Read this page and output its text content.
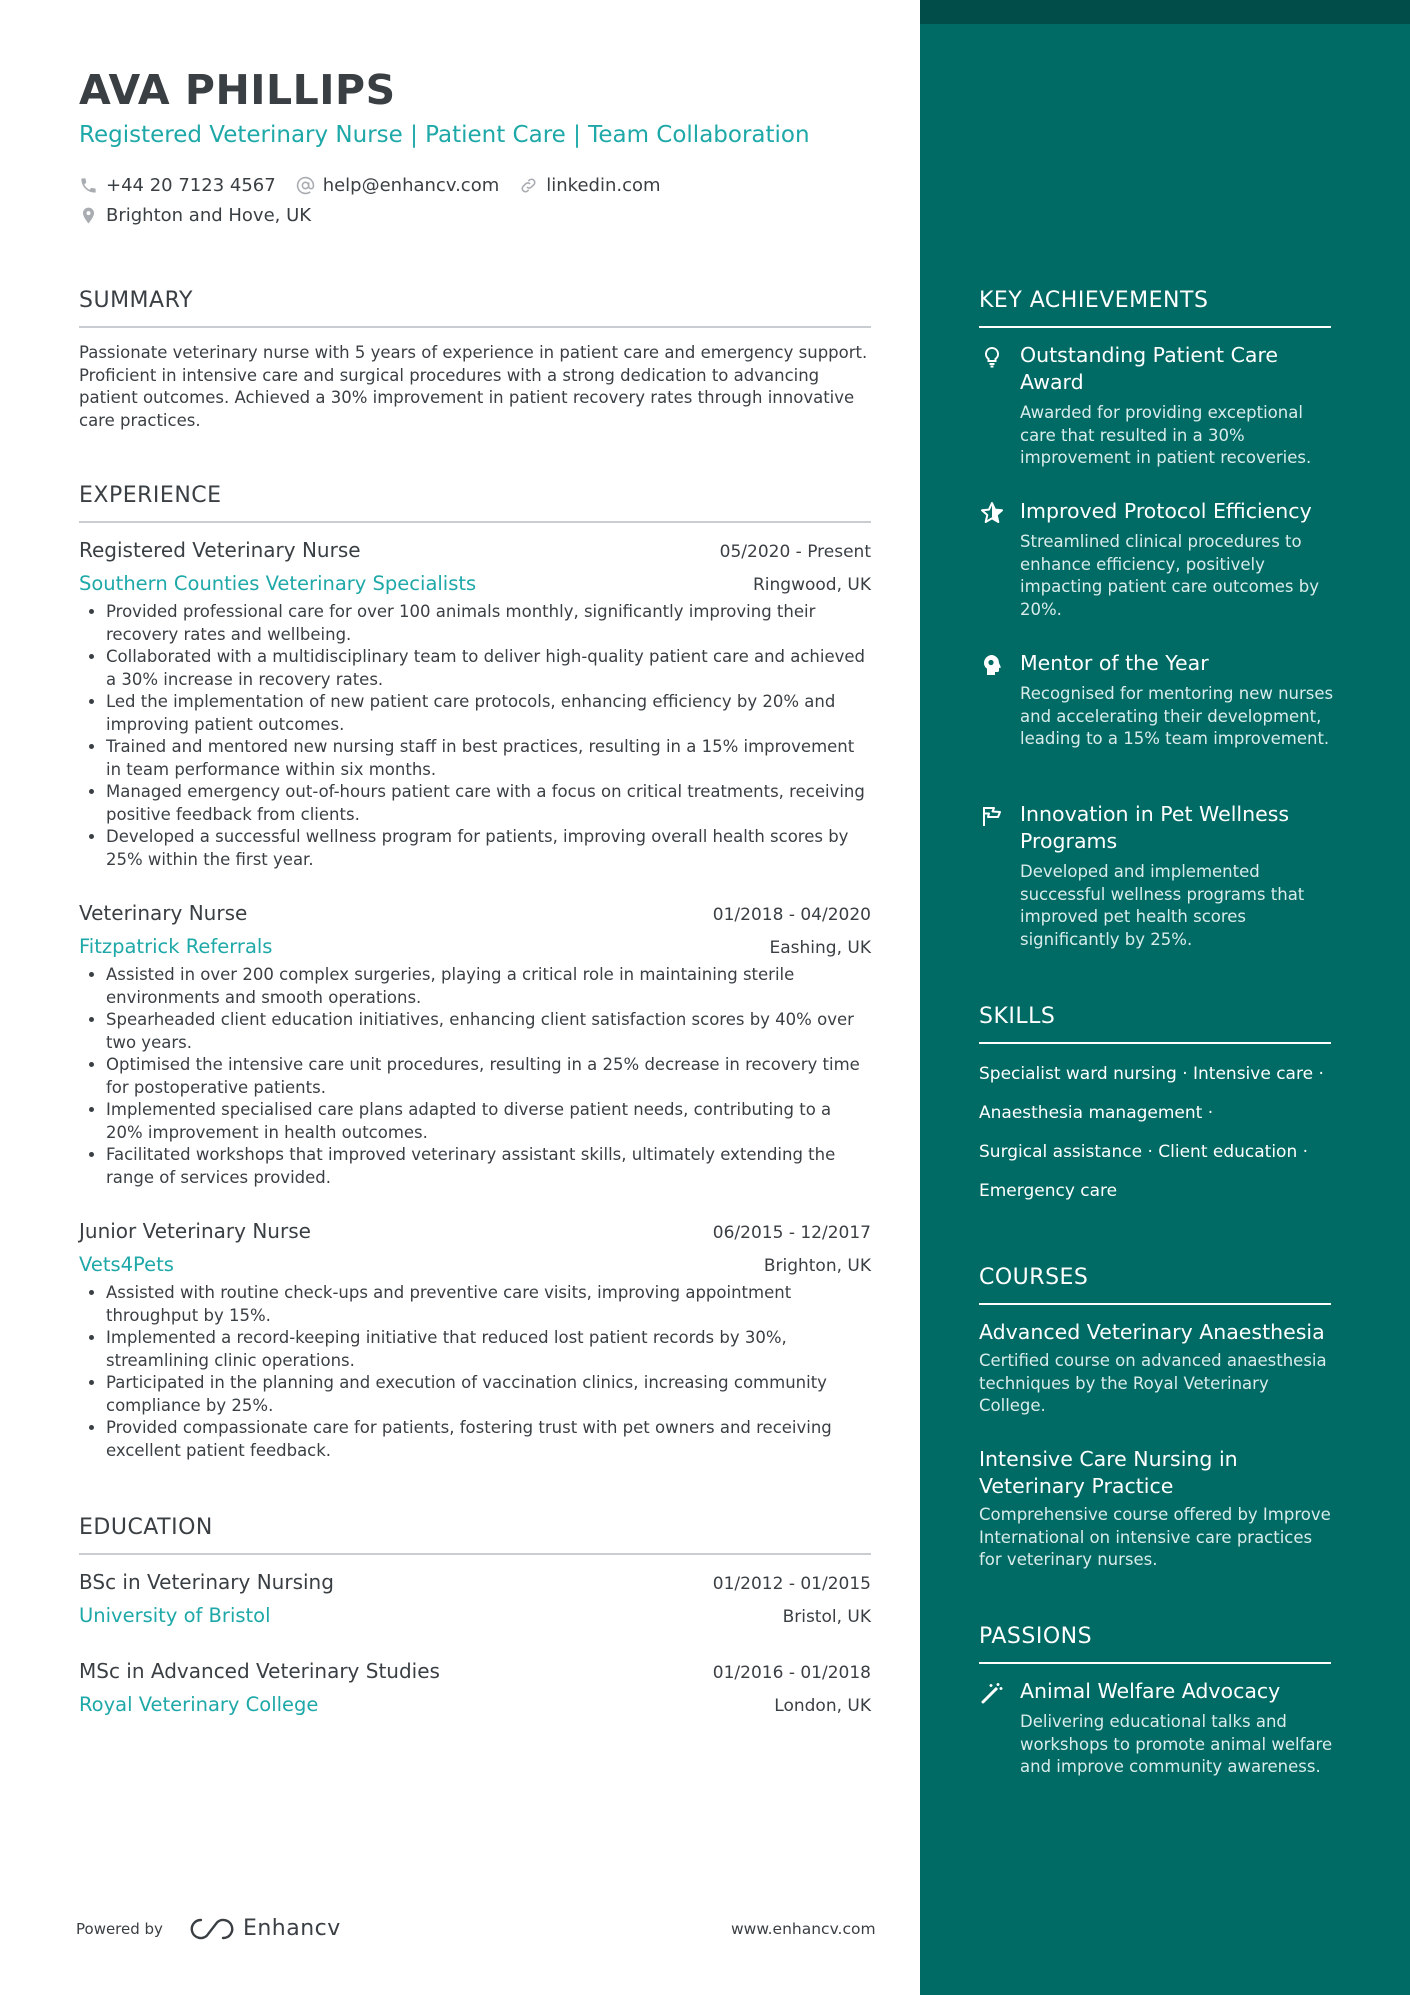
AVA PHILLIPS
Registered Veterinary Nurse | Patient Care | Team Collaboration
+44 20 7123 4567	help@enhancv.com	linkedin.com
Brighton and Hove, UK
SUMMARY
Passionate veterinary nurse with 5 years of experience in patient care and emergency support. Proficient in intensive care and surgical procedures with a strong dedication to advancing patient outcomes. Achieved a 30% improvement in patient recovery rates through innovative care practices.
EXPERIENCE
Registered Veterinary Nurse	05/2020 - Present
Southern Counties Veterinary Specialists	Ringwood, UK
• Provided professional care for over 100 animals monthly, significantly improving their recovery rates and wellbeing.
• Collaborated with a multidisciplinary team to deliver high-quality patient care and achieved a 30% increase in recovery rates.
• Led the implementation of new patient care protocols, enhancing efficiency by 20% and improving patient outcomes.
• Trained and mentored new nursing staff in best practices, resulting in a 15% improvement in team performance within six months.
• Managed emergency out-of-hours patient care with a focus on critical treatments, receiving positive feedback from clients.
• Developed a successful wellness program for patients, improving overall health scores by 25% within the first year.
Veterinary Nurse	01/2018 - 04/2020
Fitzpatrick Referrals	Eashing, UK
• Assisted in over 200 complex surgeries, playing a critical role in maintaining sterile environments and smooth operations.
• Spearheaded client education initiatives, enhancing client satisfaction scores by 40% over two years.
• Optimised the intensive care unit procedures, resulting in a 25% decrease in recovery time for postoperative patients.
• Implemented specialised care plans adapted to diverse patient needs, contributing to a 20% improvement in health outcomes.
• Facilitated workshops that improved veterinary assistant skills, ultimately extending the range of services provided.
Junior Veterinary Nurse	06/2015 - 12/2017
Vets4Pets	Brighton, UK
• Assisted with routine check-ups and preventive care visits, improving appointment throughput by 15%.
• Implemented a record-keeping initiative that reduced lost patient records by 30%, streamlining clinic operations.
• Participated in the planning and execution of vaccination clinics, increasing community compliance by 25%.
• Provided compassionate care for patients, fostering trust with pet owners and receiving excellent patient feedback.
EDUCATION
BSc in Veterinary Nursing	01/2012 - 01/2015
University of Bristol	Bristol, UK
MSc in Advanced Veterinary Studies	01/2016 - 01/2018
Royal Veterinary College	London, UK
Powered by	Enhancv	www.enhancv.com
KEY ACHIEVEMENTS
Outstanding Patient Care Award
Awarded for providing exceptional care that resulted in a 30% improvement in patient recoveries.
Improved Protocol Efficiency
Streamlined clinical procedures to enhance efficiency, positively impacting patient care outcomes by 20%.
Mentor of the Year
Recognised for mentoring new nurses and accelerating their development, leading to a 15% team improvement.
Innovation in Pet Wellness Programs
Developed and implemented successful wellness programs that improved pet health scores significantly by 25%.
SKILLS
Specialist ward nursing · Intensive care ·
Anaesthesia management ·
Surgical assistance · Client education ·
Emergency care
COURSES
Advanced Veterinary Anaesthesia
Certified course on advanced anaesthesia techniques by the Royal Veterinary College.
Intensive Care Nursing in Veterinary Practice
Comprehensive course offered by Improve International on intensive care practices for veterinary nurses.
PASSIONS
Animal Welfare Advocacy
Delivering educational talks and workshops to promote animal welfare and improve community awareness.
